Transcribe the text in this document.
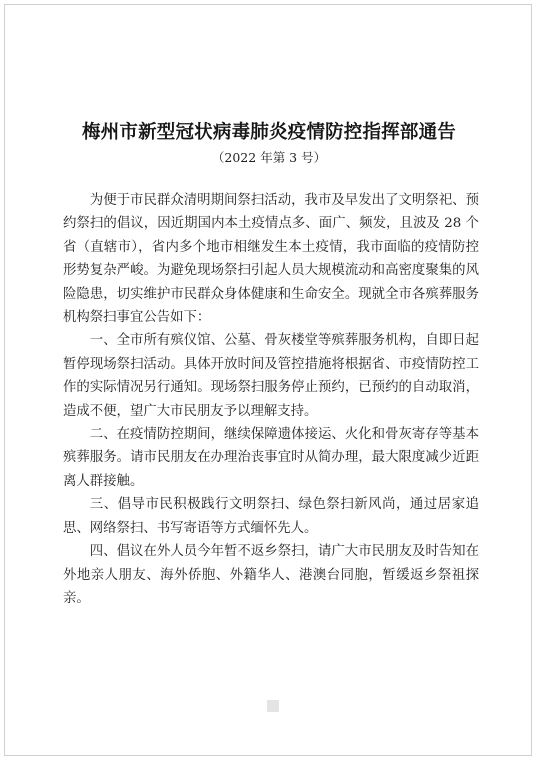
梅州市新型冠状病毒肺炎疫情防控指挥部通告
（2022 年第 3 号）

为便于市民群众清明期间祭扫活动，我市及早发出了文明祭祀、预约祭扫的倡议，因近期国内本土疫情点多、面广、频发，且波及 28 个省（直辖市），省内多个地市相继发生本土疫情，我市面临的疫情防控形势复杂严峻。为避免现场祭扫引起人员大规模流动和高密度聚集的风险隐患，切实维护市民群众身体健康和生命安全。现就全市各殡葬服务机构祭扫事宜公告如下：

一、全市所有殡仪馆、公墓、骨灰楼堂等殡葬服务机构，自即日起暂停现场祭扫活动。具体开放时间及管控措施将根据省、市疫情防控工作的实际情况另行通知。现场祭扫服务停止预约，已预约的自动取消，造成不便，望广大市民朋友予以理解支持。

二、在疫情防控期间，继续保障遗体接运、火化和骨灰寄存等基本殡葬服务。请市民朋友在办理治丧事宜时从简办理，最大限度减少近距离人群接触。

三、倡导市民积极践行文明祭扫、绿色祭扫新风尚，通过居家追思、网络祭扫、书写寄语等方式缅怀先人。

四、倡议在外人员今年暂不返乡祭扫，请广大市民朋友及时告知在外地亲人朋友、海外侨胞、外籍华人、港澳台同胞，暂缓返乡祭祖探亲。
